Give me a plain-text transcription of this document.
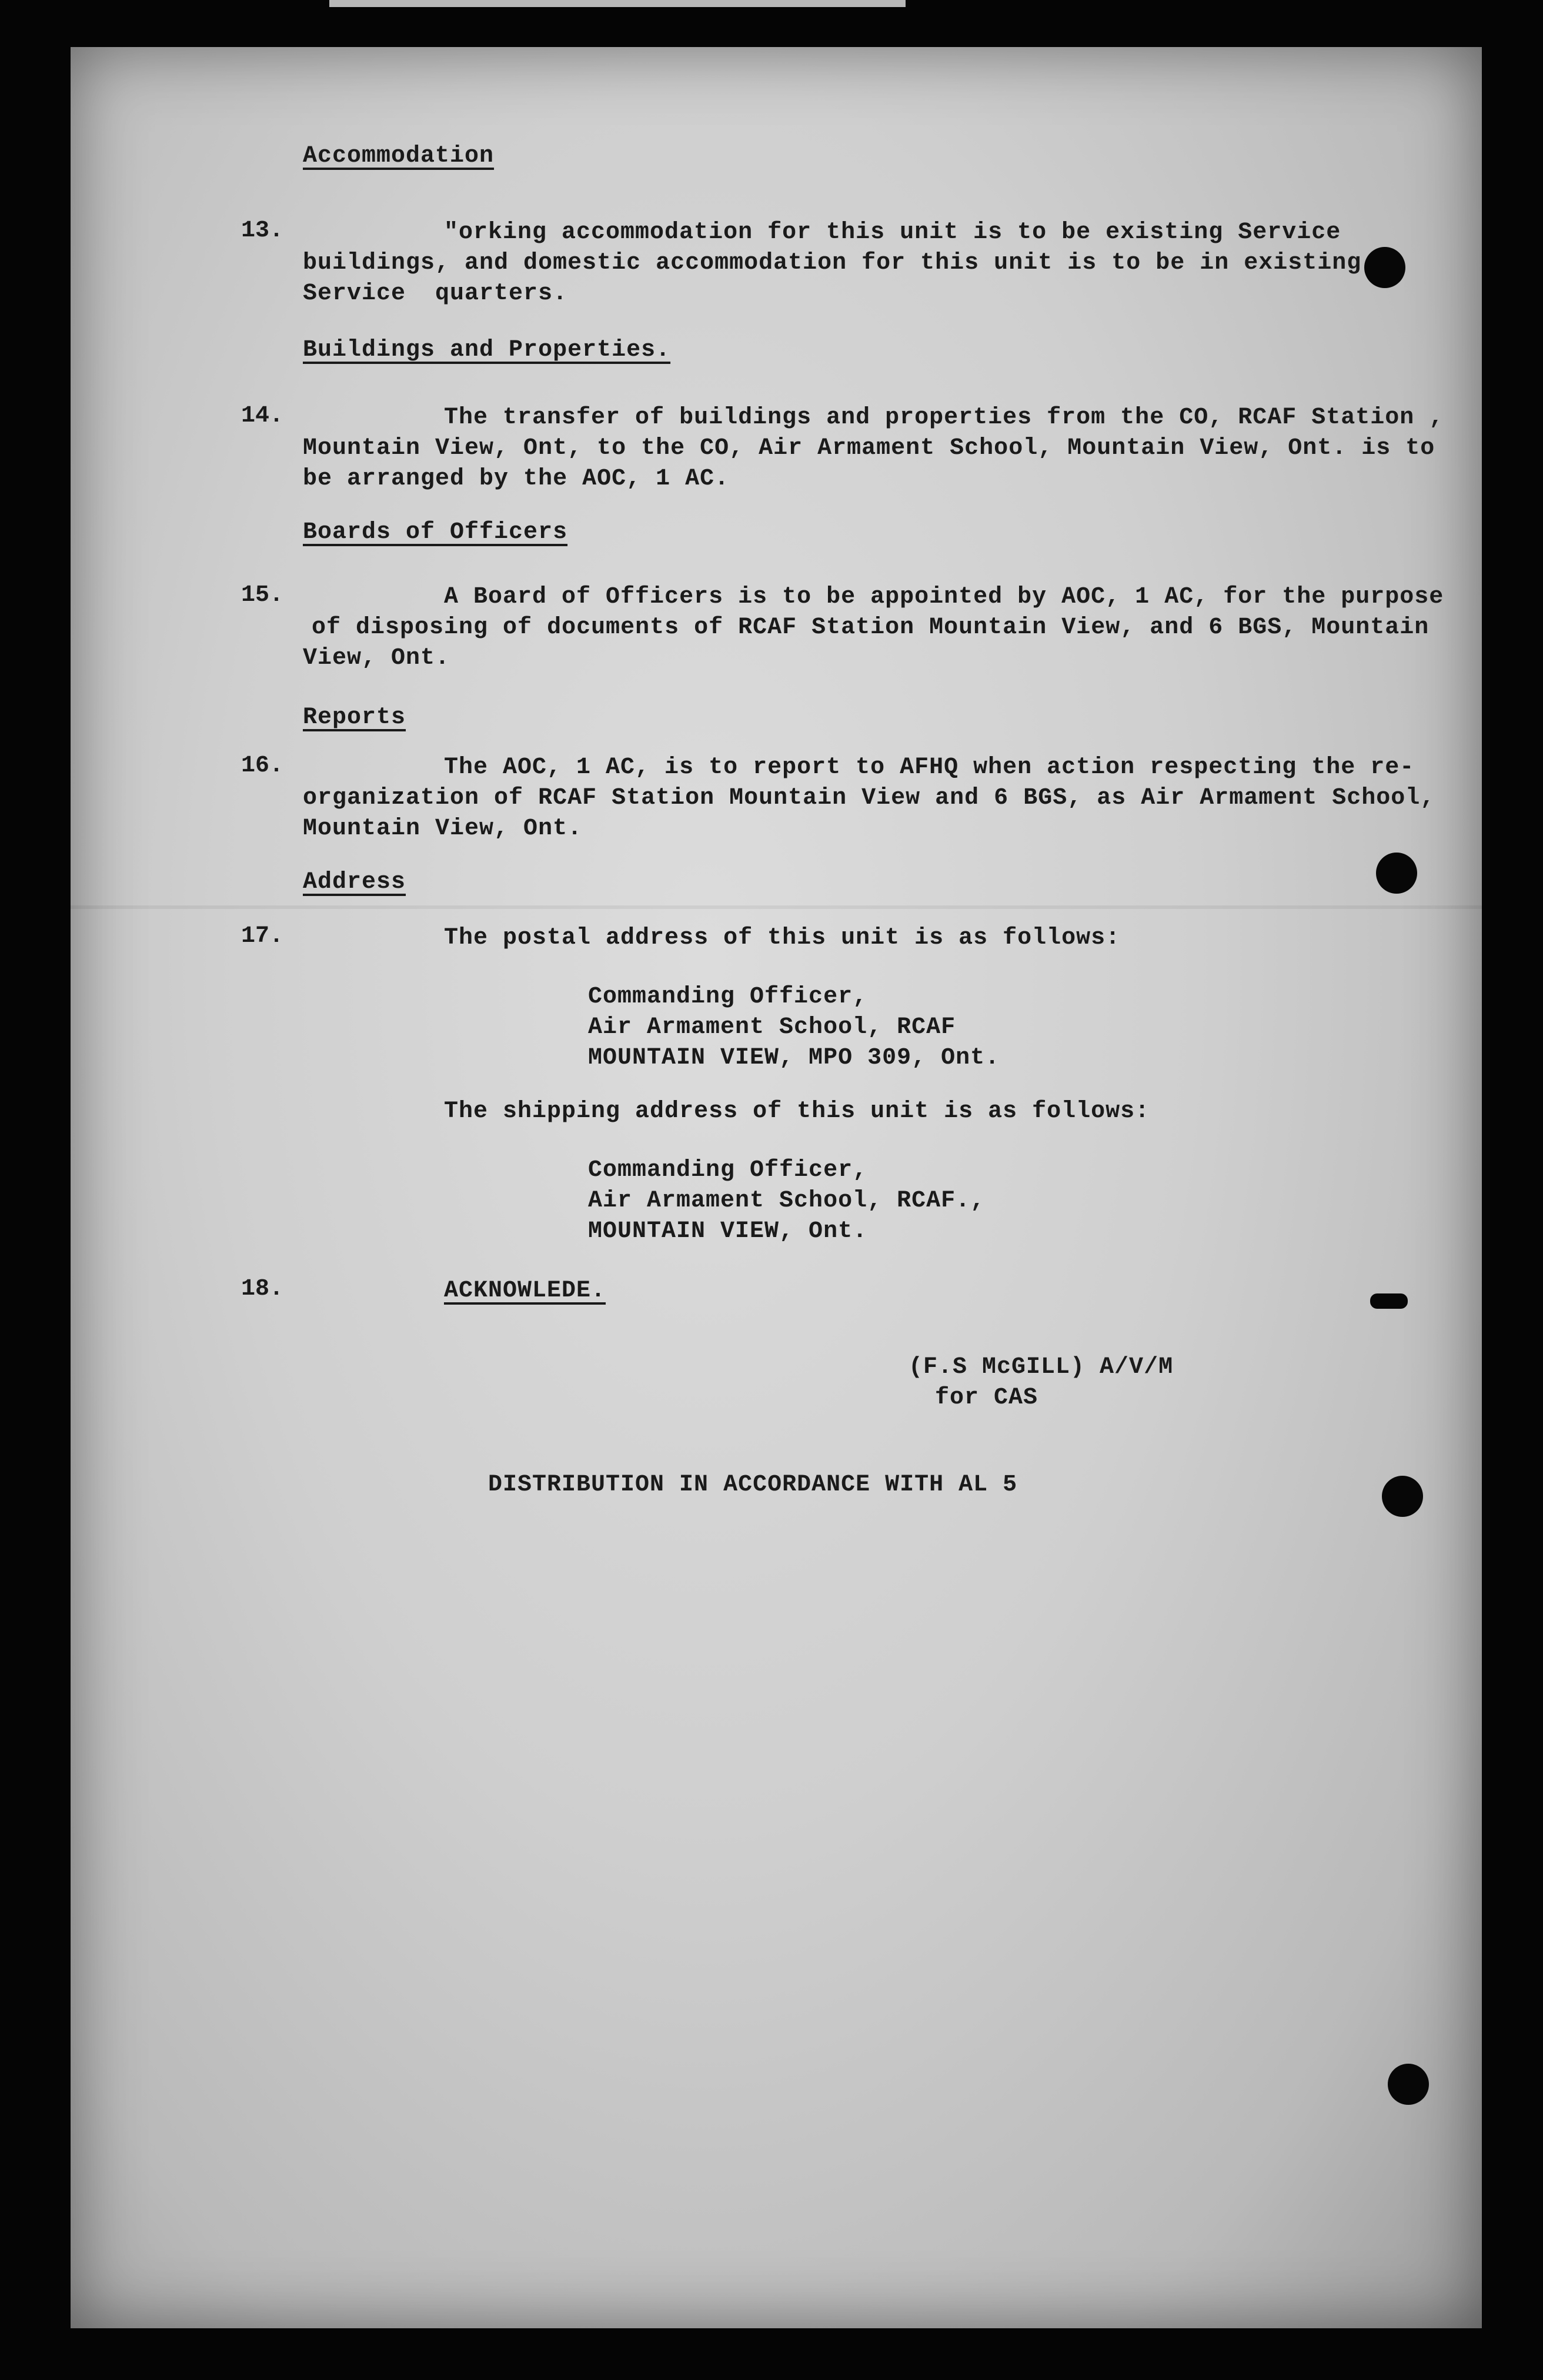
Accommodation
13.	"orking accommodation for this unit is to be existing Service
buildings, and domestic accommodation for this unit is to be in existing
Service  quarters.
Buildings and Properties.
14.	The transfer of buildings and properties from the CO, RCAF Station ,
Mountain View, Ont, to the CO, Air Armament School, Mountain View, Ont. is to
be arranged by the AOC, 1 AC.
Boards of Officers
15.	A Board of Officers is to be appointed by AOC, 1 AC, for the purpose
of disposing of documents of RCAF Station Mountain View, and 6 BGS, Mountain
View, Ont.
Reports
16.	The AOC, 1 AC, is to report to AFHQ when action respecting the re-
organization of RCAF Station Mountain View and 6 BGS, as Air Armament School,
Mountain View, Ont.
Address
17.	The postal address of this unit is as follows:
Commanding Officer,
Air Armament School, RCAF
MOUNTAIN VIEW, MPO 309, Ont.
The shipping address of this unit is as follows:
Commanding Officer,
Air Armament School, RCAF.,
MOUNTAIN VIEW, Ont.
18.	ACKNOWLEDE.
(F.S McGILL) A/V/M
for CAS
DISTRIBUTION IN ACCORDANCE WITH AL 5
